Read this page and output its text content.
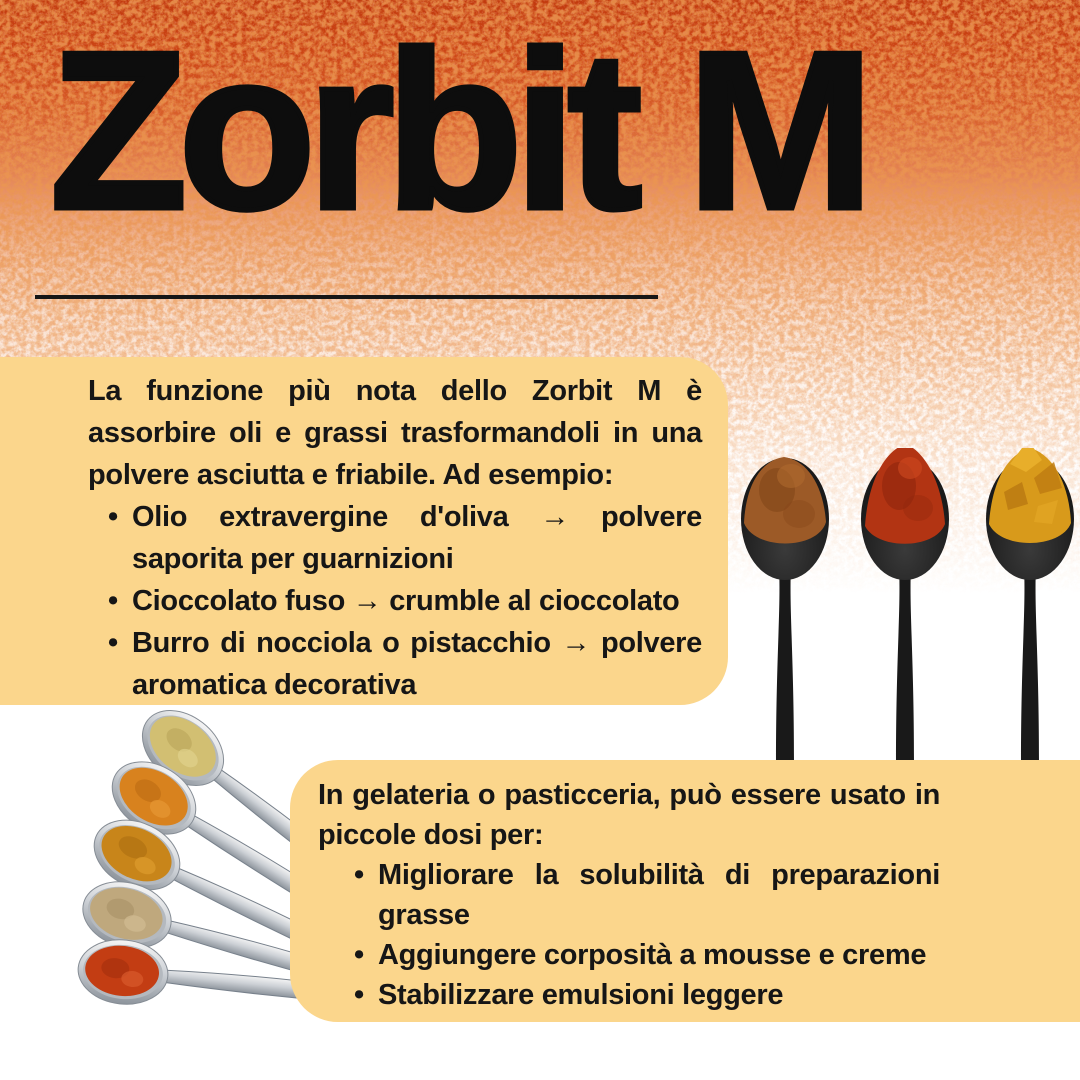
Zorbit M

La funzione più nota dello Zorbit M è assorbire oli e grassi trasformandoli in una polvere asciutta e friabile. Ad esempio:

• Olio extravergine d'oliva → polvere saporita per guarnizioni
• Cioccolato fuso → crumble al cioccolato
• Burro di nocciola o pistacchio → polvere aromatica decorativa

In gelateria o pasticceria, può essere usato in piccole dosi per:

• Migliorare la solubilità di preparazioni grasse
• Aggiungere corposità a mousse e creme
• Stabilizzare emulsioni leggere
